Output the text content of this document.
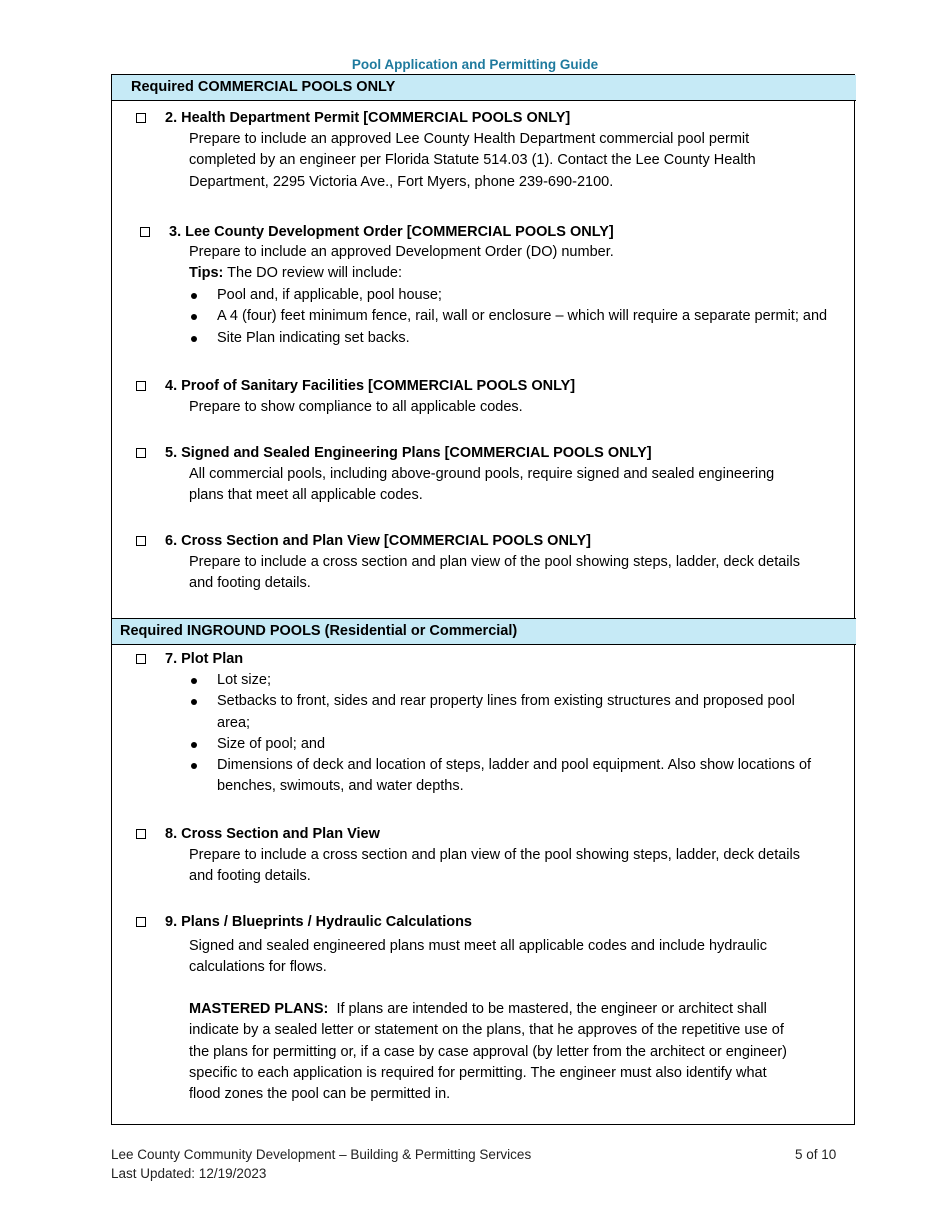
Pool Application and Permitting Guide
Required COMMERCIAL POOLS ONLY
2. Health Department Permit [COMMERCIAL POOLS ONLY]

Prepare to include an approved Lee County Health Department commercial pool permit

completed by an engineer per Florida Statute 514.03 (1). Contact the Lee County Health

Department, 2295 Victoria Ave., Fort Myers, phone 239-690-2100.

3. Lee County Development Order [COMMERCIAL POOLS ONLY]

Prepare to include an approved Development Order (DO) number.

Tips: The DO review will include:

Pool and, if applicable, pool house;
A 4 (four) feet minimum fence, rail, wall or enclosure – which will require a separate permit; and
Site Plan indicating set backs.
4. Proof of Sanitary Facilities [COMMERCIAL POOLS ONLY]

Prepare to show compliance to all applicable codes.

5. Signed and Sealed Engineering Plans [COMMERCIAL POOLS ONLY]

All commercial pools, including above-ground pools, require signed and sealed engineering

plans that meet all applicable codes.

6. Cross Section and Plan View [COMMERCIAL POOLS ONLY]

Prepare to include a cross section and plan view of the pool showing steps, ladder, deck details

and footing details.

Required INGROUND POOLS (Residential or Commercial)
7. Plot Plan
Lot size;
Setbacks to front, sides and rear property lines from existing structures and proposed pool area;
Size of pool; and
Dimensions of deck and location of steps, ladder and pool equipment. Also show locations of benches, swimouts, and water depths.
8. Cross Section and Plan View

Prepare to include a cross section and plan view of the pool showing steps, ladder, deck details

and footing details.

9. Plans / Blueprints / Hydraulic Calculations

Signed and sealed engineered plans must meet all applicable codes and include hydraulic

calculations for flows.

MASTERED PLANS: If plans are intended to be mastered, the engineer or architect shall

indicate by a sealed letter or statement on the plans, that he approves of the repetitive use of

the plans for permitting or, if a case by case approval (by letter from the architect or engineer)

specific to each application is required for permitting. The engineer must also identify what

flood zones the pool can be permitted in.

Lee County Community Development – Building & Permitting Services
Last Updated: 12/19/2023
5 of 10
